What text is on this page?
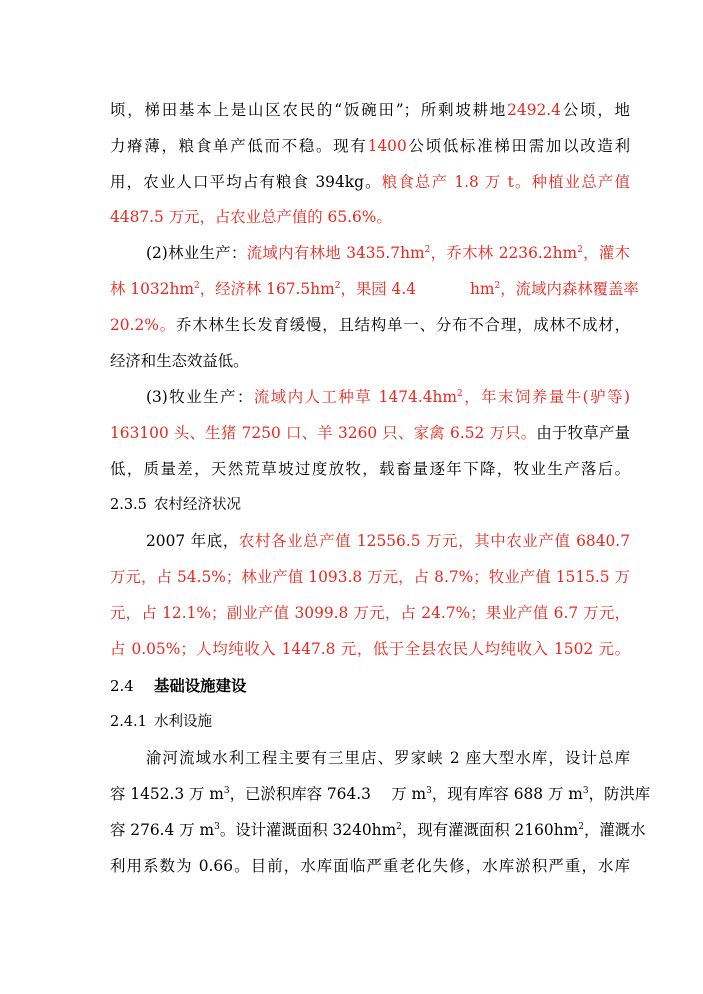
顷，梯田基本上是山区农民的“饭碗田”；所剩坡耕地2492.4公顷，地
力瘠薄，粮食单产低而不稳。现有1400公顷低标准梯田需加以改造利
用，农业人口平均占有粮食 394kg。粮食总产 1.8 万 t。种植业总产值
4487.5 万元，占农业总产值的 65.6%。
(2)林业生产：流域内有林地 $3435.7hm^2$，乔木林 $2236.2hm^2$，灌木
林 $1032hm^2$，经济林 $167.5hm^2$，果园 4.4	$hm^2$，流域内森林覆盖率
20.2%。乔木林生长发育缓慢，且结构单一、分布不合理，成林不成材，
经济和生态效益低。
(3)牧业生产：流域内人工种草 $1474.4hm^2$，年末饲养量牛(驴等)
163100 头、生猪 7250 口、羊 3260 只、家禽 6.52 万只。由于牧草产量
低，质量差，天然荒草坡过度放牧，载畜量逐年下降，牧业生产落后。
2.3.5 农村经济状况
2007 年底，农村各业总产值 12556.5 万元，其中农业产值 6840.7
万元，占 54.5%；林业产值 1093.8 万元，占 8.7%；牧业产值 1515.5 万
元，占 12.1%；副业产值 3099.8 万元，占 24.7%；果业产值 6.7 万元，
占 0.05%；人均纯收入 1447.8 元，低于全县农民人均纯收入 1502 元。
2.4 基础设施建设
2.4.1 水利设施
渝河流域水利工程主要有三里店、罗家峡 2 座大型水库，设计总库
容 1452.3 万 $m^3$，已淤积库容 764.3　 万 $m^3$，现有库容 688 万 $m^3$，防洪库
容 276.4 万 $m^3$。设计灌溉面积 $3240hm^2$，现有灌溉面积 $2160hm^2$，灌溉水
利用系数为 0.66。目前，水库面临严重老化失修，水库淤积严重，水库
